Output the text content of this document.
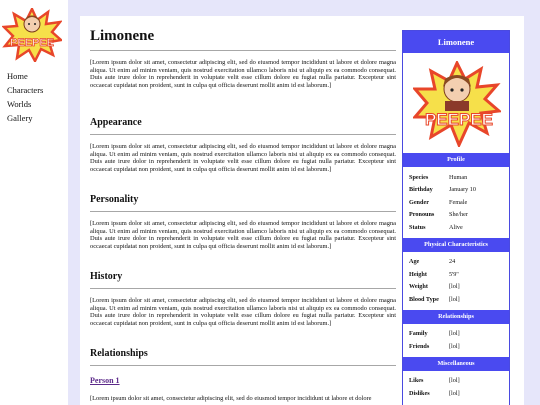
PEEPEE
Home
Characters
Worlds
Gallery
Limonene

[Lorem ipsum dolor sit amet, consectetur adipiscing elit, sed do eiusmod tempor incididunt ut labore et dolore magna aliqua. Ut enim ad minim veniam, quis nostrud exercitation ullamco laboris nisi ut aliquip ex ea commodo consequat. Duis aute irure dolor in reprehenderit in voluptate velit esse cillum dolore eu fugiat nulla pariatur. Excepteur sint occaecat cupidatat non proident, sunt in culpa qui officia deserunt mollit anim id est laborum.]

Appearance

[Lorem ipsum dolor sit amet, consectetur adipiscing elit, sed do eiusmod tempor incididunt ut labore et dolore magna aliqua. Ut enim ad minim veniam, quis nostrud exercitation ullamco laboris nisi ut aliquip ex ea commodo consequat. Duis aute irure dolor in reprehenderit in voluptate velit esse cillum dolore eu fugiat nulla pariatur. Excepteur sint occaecat cupidatat non proident, sunt in culpa qui officia deserunt mollit anim id est laborum.]

Personality

[Lorem ipsum dolor sit amet, consectetur adipiscing elit, sed do eiusmod tempor incididunt ut labore et dolore magna aliqua. Ut enim ad minim veniam, quis nostrud exercitation ullamco laboris nisi ut aliquip ex ea commodo consequat. Duis aute irure dolor in reprehenderit in voluptate velit esse cillum dolore eu fugiat nulla pariatur. Excepteur sint occaecat cupidatat non proident, sunt in culpa qui officia deserunt mollit anim id est laborum.]

History

[Lorem ipsum dolor sit amet, consectetur adipiscing elit, sed do eiusmod tempor incididunt ut labore et dolore magna aliqua. Ut enim ad minim veniam, quis nostrud exercitation ullamco laboris nisi ut aliquip ex ea commodo consequat. Duis aute irure dolor in reprehenderit in voluptate velit esse cillum dolore eu fugiat nulla pariatur. Excepteur sint occaecat cupidatat non proident, sunt in culpa qui officia deserunt mollit anim id est laborum.]

Relationships
Person 1

[Lorem ipsum dolor sit amet, consectetur adipiscing elit, sed do eiusmod tempor incididunt ut labore et dolore

Limonene
PEEPEE
Profile
Species	Human
Birthday	January 10
Gender	Female
Pronouns	She/her
Status	Alive
Physical Characteristics
Age	24
Height	5'9"
Weight	[lol]
Blood Type	[lol]
Relationships
Family	[lol]
Friends	[lol]
Miscellaneous
Likes	[lol]
Dislikes	[lol]
